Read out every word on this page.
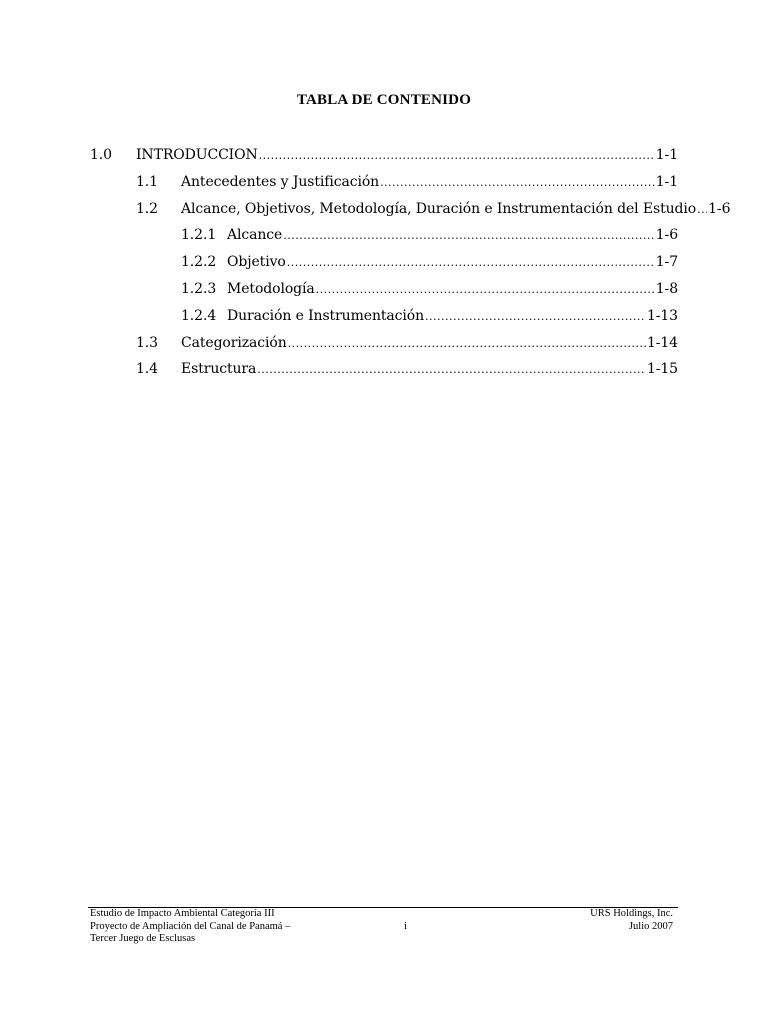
TABLA DE CONTENIDO
1.0 INTRODUCCION .....	1-1
1.1 Antecedentes y Justificación .....	1-1
1.2 Alcance, Objetivos, Metodología, Duración e Instrumentación del Estudio ..... 1-6
1.2.1 Alcance .....	1-6
1.2.2 Objetivo .....	1-7
1.2.3 Metodología .....	1-8
1.2.4 Duración e Instrumentación .....	1-13
1.3 Categorización .....	1-14
1.4 Estructura .....	1-15
Estudio de Impacto Ambiental Categoría III
Proyecto de Ampliación del Canal de Panamá –
Tercer Juego de Esclusas
i
URS Holdings, Inc.
Julio 2007
